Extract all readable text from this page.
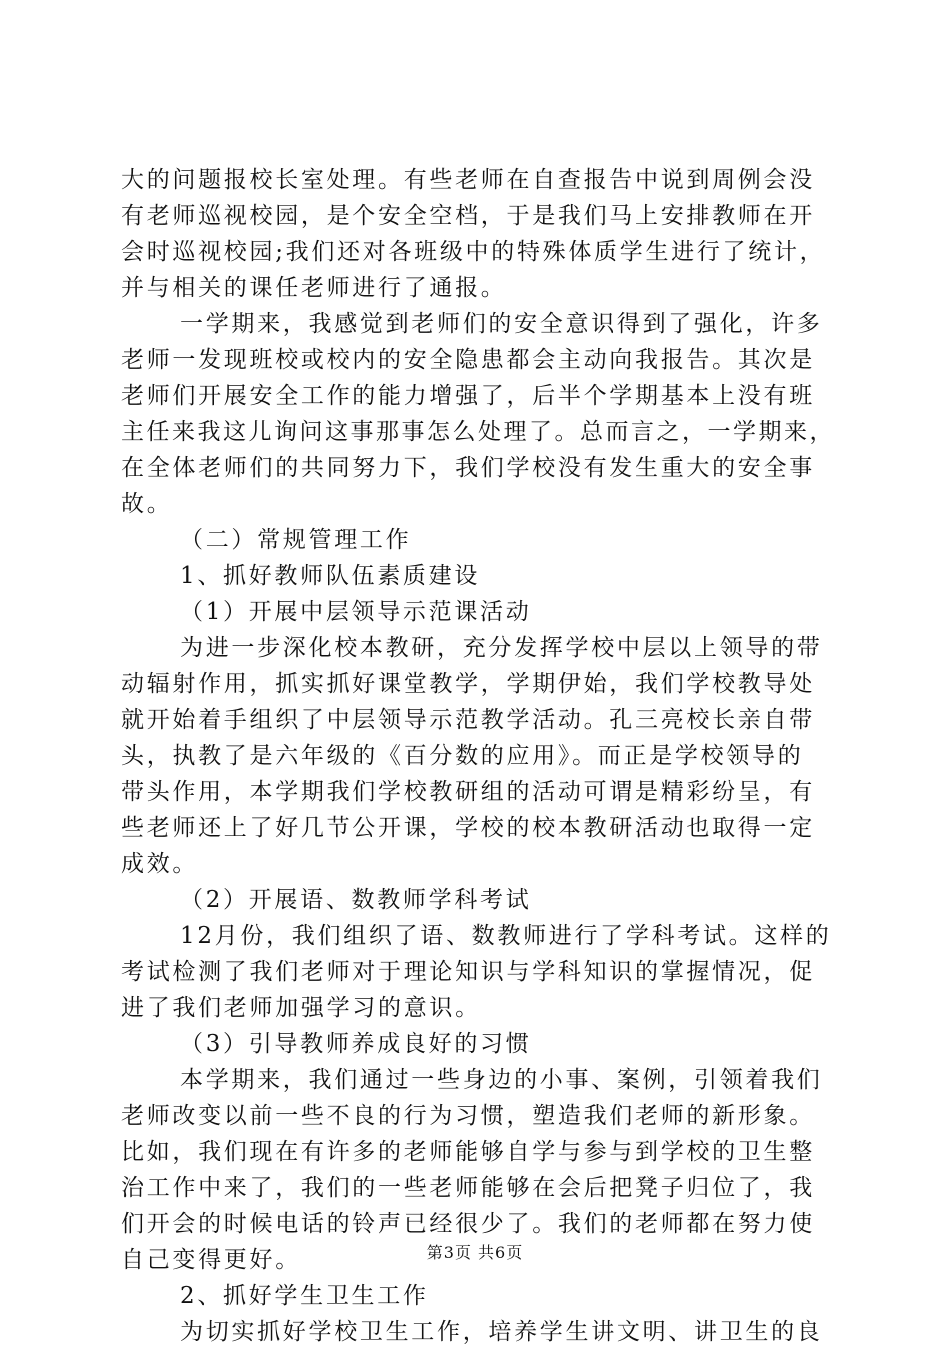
大的问题报校长室处理。有些老师在自查报告中说到周例会没
有老师巡视校园，是个安全空档，于是我们马上安排教师在开
会时巡视校园;我们还对各班级中的特殊体质学生进行了统计，
并与相关的课任老师进行了通报。
一学期来，我感觉到老师们的安全意识得到了强化，许多
老师一发现班校或校内的安全隐患都会主动向我报告。其次是
老师们开展安全工作的能力增强了，后半个学期基本上没有班
主任来我这儿询问这事那事怎么处理了。总而言之，一学期来，
在全体老师们的共同努力下，我们学校没有发生重大的安全事
故。
（二）常规管理工作
1、抓好教师队伍素质建设
（1）开展中层领导示范课活动
为进一步深化校本教研，充分发挥学校中层以上领导的带
动辐射作用，抓实抓好课堂教学，学期伊始，我们学校教导处
就开始着手组织了中层领导示范教学活动。孔三亮校长亲自带
头，执教了是六年级的《百分数的应用》。而正是学校领导的
带头作用，本学期我们学校教研组的活动可谓是精彩纷呈，有
些老师还上了好几节公开课，学校的校本教研活动也取得一定
成效。
（2）开展语、数教师学科考试
12月份，我们组织了语、数教师进行了学科考试。这样的
考试检测了我们老师对于理论知识与学科知识的掌握情况，促
进了我们老师加强学习的意识。
（3）引导教师养成良好的习惯
本学期来，我们通过一些身边的小事、案例，引领着我们
老师改变以前一些不良的行为习惯，塑造我们老师的新形象。
比如，我们现在有许多的老师能够自学与参与到学校的卫生整
治工作中来了，我们的一些老师能够在会后把凳子归位了，我
们开会的时候电话的铃声已经很少了。我们的老师都在努力使
自己变得更好。
2、抓好学生卫生工作
为切实抓好学校卫生工作，培养学生讲文明、讲卫生的良
第3页 共6页
